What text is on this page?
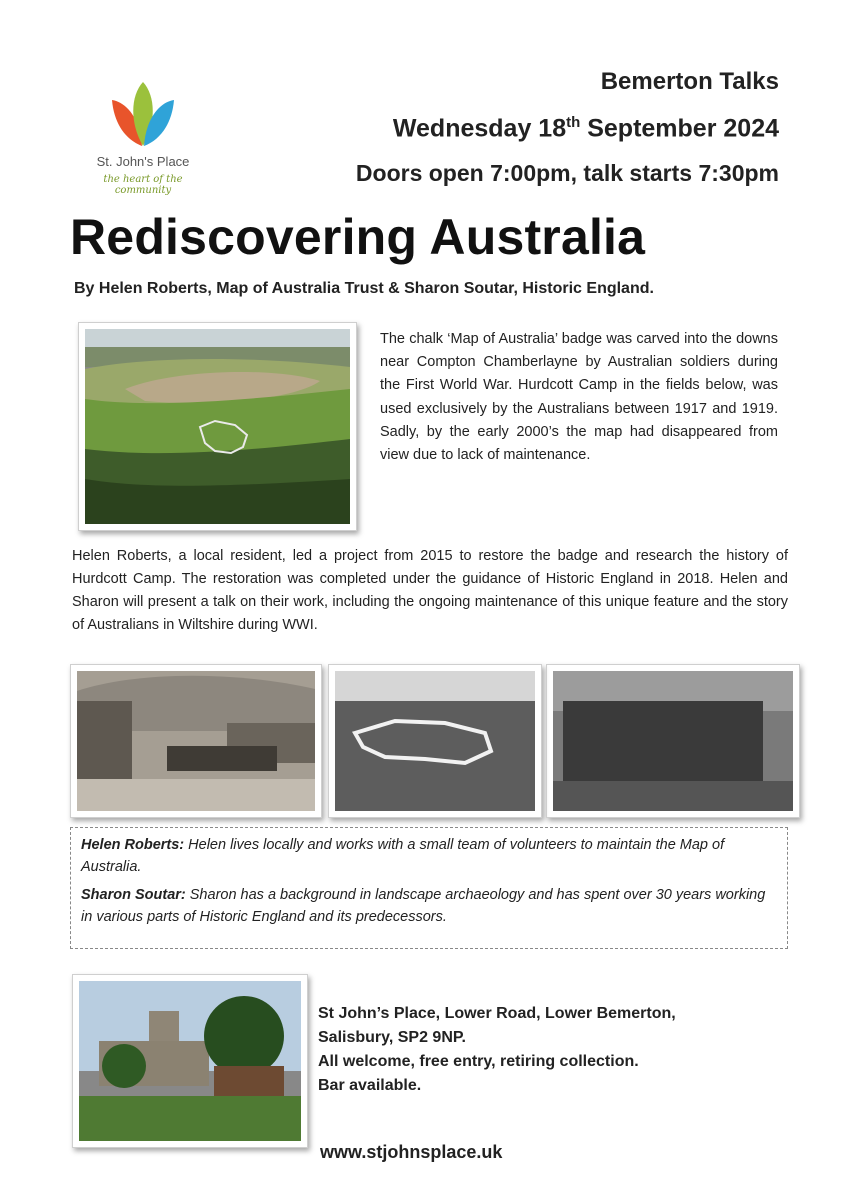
St. John's Place
the heart of the community
Bemerton Talks
Wednesday 18th September 2024
Doors open 7:00pm, talk starts 7:30pm
Rediscovering Australia
By Helen Roberts, Map of Australia Trust & Sharon Soutar, Historic England.
The chalk ‘Map of Australia’ badge was carved into the downs near Compton Chamberlayne by Australian soldiers during the First World War. Hurdcott Camp in the fields below, was used exclusively by the Australians between 1917 and 1919. Sadly, by the early 2000’s the map had disappeared from view due to lack of maintenance.
Helen Roberts, a local resident, led a project from 2015 to restore the badge and research the history of Hurdcott Camp. The restoration was completed under the guidance of Historic England in 2018. Helen and Sharon will present a talk on their work, including the ongoing maintenance of this unique feature and the story of Australians in Wiltshire during WWI.

Helen Roberts: Helen lives locally and works with a small team of volunteers to maintain the Map of Australia.

Sharon Soutar: Sharon has a background in landscape archaeology and has spent over 30 years working in various parts of Historic England and its predecessors.

St John’s Place, Lower Road, Lower Bemerton,
Salisbury, SP2 9NP.
All welcome, free entry, retiring collection.
Bar available.
www.stjohnsplace.uk
